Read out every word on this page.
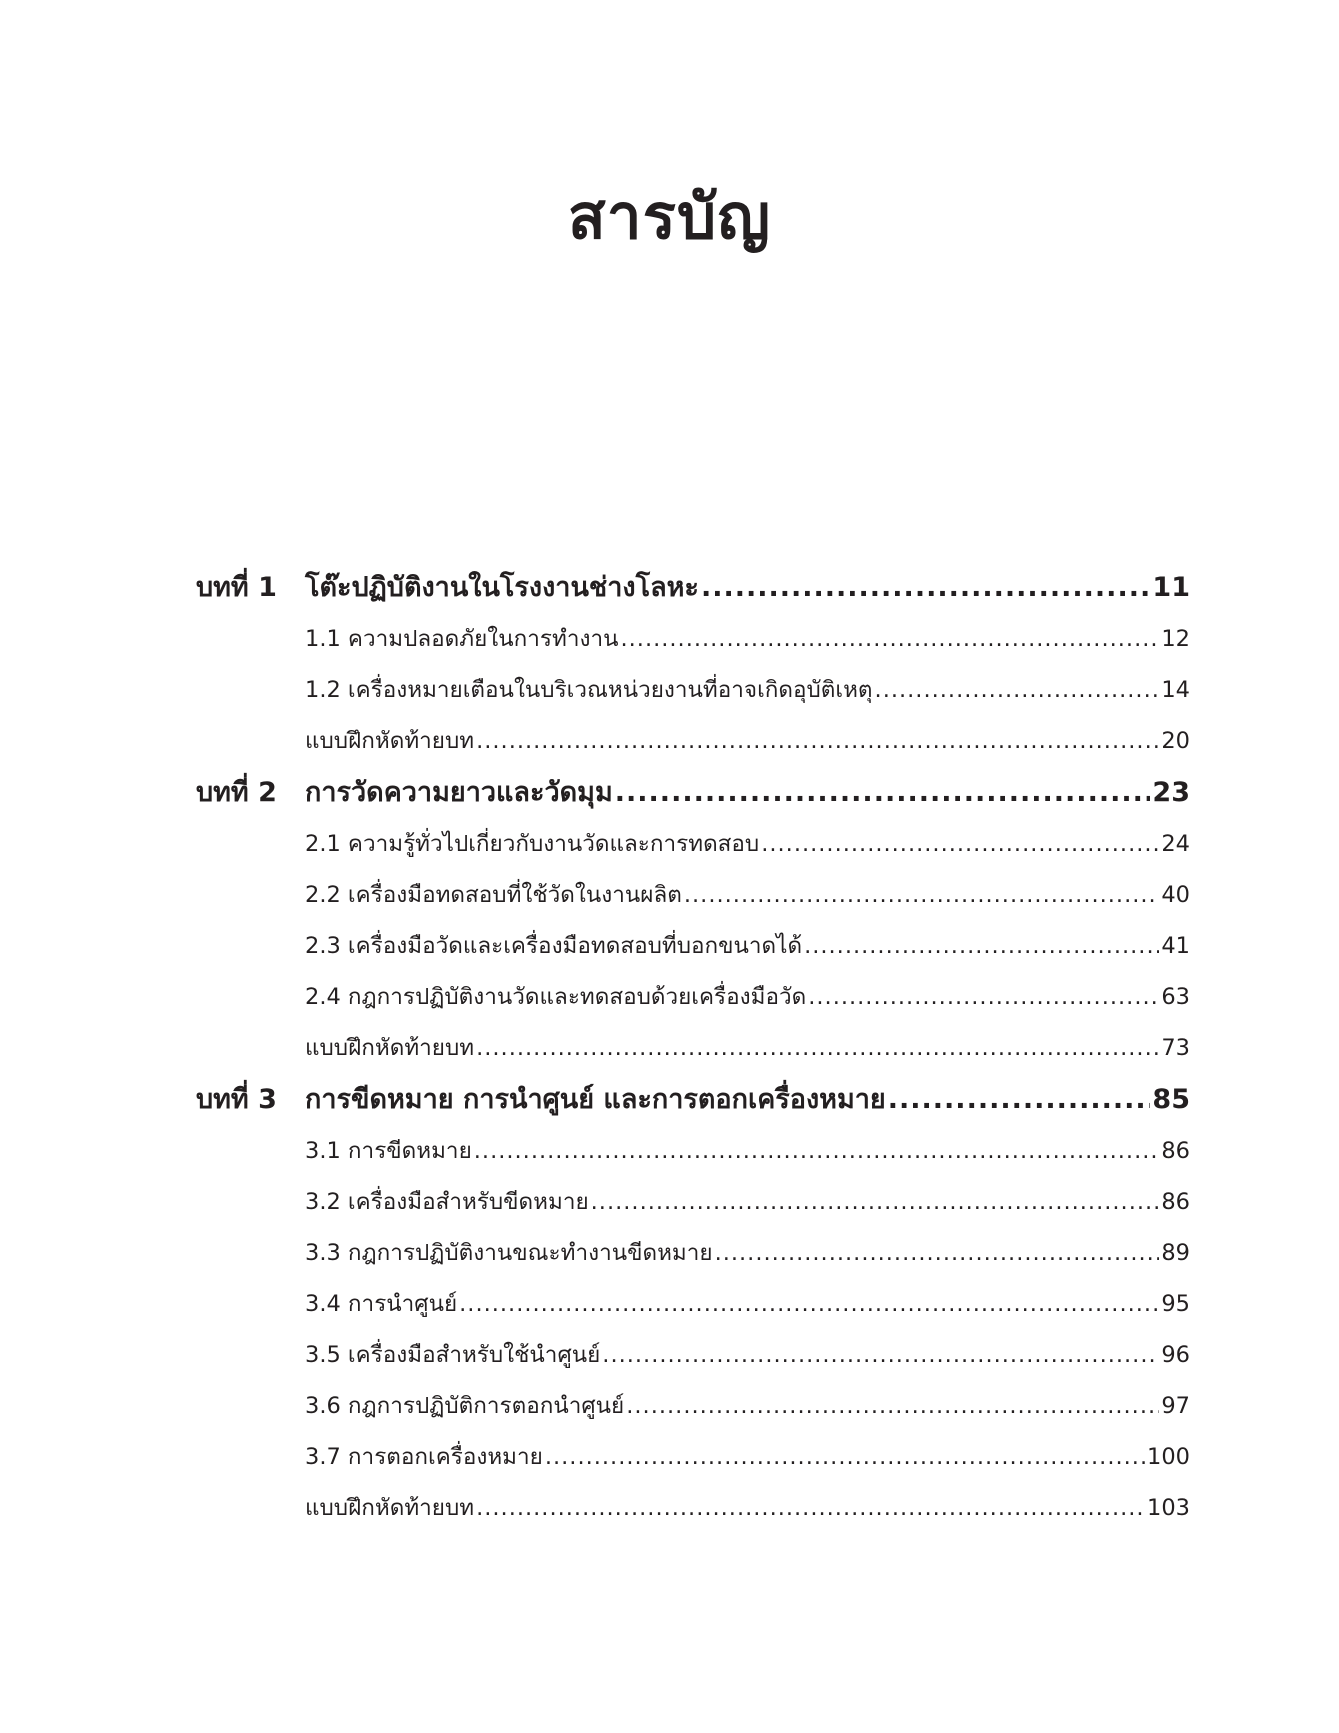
สารบัญ
บทที่ 1 โต๊ะปฏิบัติงานในโรงงานช่างโลหะ .....	11
1.1 ความปลอดภัยในการทำงาน .....	12
1.2 เครื่องหมายเตือนในบริเวณหน่วยงานที่อาจเกิดอุบัติเหตุ .....	14
แบบฝึกหัดท้ายบท .....	20
บทที่ 2 การวัดความยาวและวัดมุม .....	23
2.1 ความรู้ทั่วไปเกี่ยวกับงานวัดและการทดสอบ .....	24
2.2 เครื่องมือทดสอบที่ใช้วัดในงานผลิต .....	40
2.3 เครื่องมือวัดและเครื่องมือทดสอบที่บอกขนาดได้ .....	41
2.4 กฎการปฏิบัติงานวัดและทดสอบด้วยเครื่องมือวัด .....	63
แบบฝึกหัดท้ายบท .....	73
บทที่ 3 การขีดหมาย การนำศูนย์ และการตอกเครื่องหมาย .....	85
3.1 การขีดหมาย .....	86
3.2 เครื่องมือสำหรับขีดหมาย .....	86
3.3 กฎการปฏิบัติงานขณะทำงานขีดหมาย .....	89
3.4 การนำศูนย์ .....	95
3.5 เครื่องมือสำหรับใช้นำศูนย์ .....	96
3.6 กฎการปฏิบัติการตอกนำศูนย์ .....	97
3.7 การตอกเครื่องหมาย .....	100
แบบฝึกหัดท้ายบท .....	103
